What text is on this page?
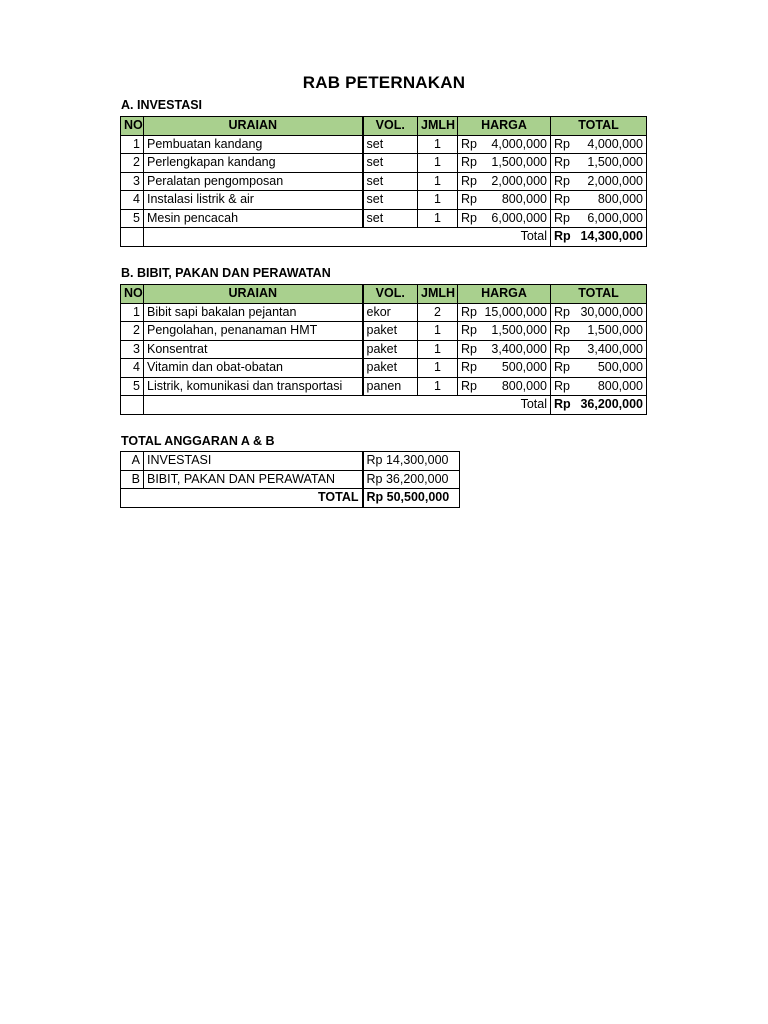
RAB PETERNAKAN
A. INVESTASI
NO	URAIAN	VOL.	JMLH	HARGA	TOTAL
1	Pembuatan kandang	set	1	Rp 4,000,000	Rp 4,000,000

2	Perlengkapan kandang	set	1	Rp 1,500,000	Rp 1,500,000

3	Peralatan pengomposan	set	1	Rp 2,000,000	Rp 2,000,000

4	Instalasi listrik & air	set	1	Rp 800,000	Rp 800,000

5	Mesin pencacah	set	1	Rp 6,000,000	Rp 6,000,000

	Total				Rp 14,300,000
B. BIBIT, PAKAN DAN PERAWATAN
NO	URAIAN	VOL.	JMLH	HARGA	TOTAL
1	Bibit sapi bakalan pejantan	ekor	2	Rp 15,000,000	Rp 30,000,000

2	Pengolahan, penanaman HMT	paket	1	Rp 1,500,000	Rp 1,500,000

3	Konsentrat	paket	1	Rp 3,400,000	Rp 3,400,000

4	Vitamin dan obat-obatan	paket	1	Rp 500,000	Rp 500,000

5	Listrik, komunikasi dan transportasi	panen	1	Rp 800,000	Rp 800,000

	Total				Rp 36,200,000
TOTAL ANGGARAN A & B
A	INVESTASI	Rp 14,300,000
B	BIBIT, PAKAN DAN PERAWATAN	Rp 36,200,000
TOTAL		Rp 50,500,000
